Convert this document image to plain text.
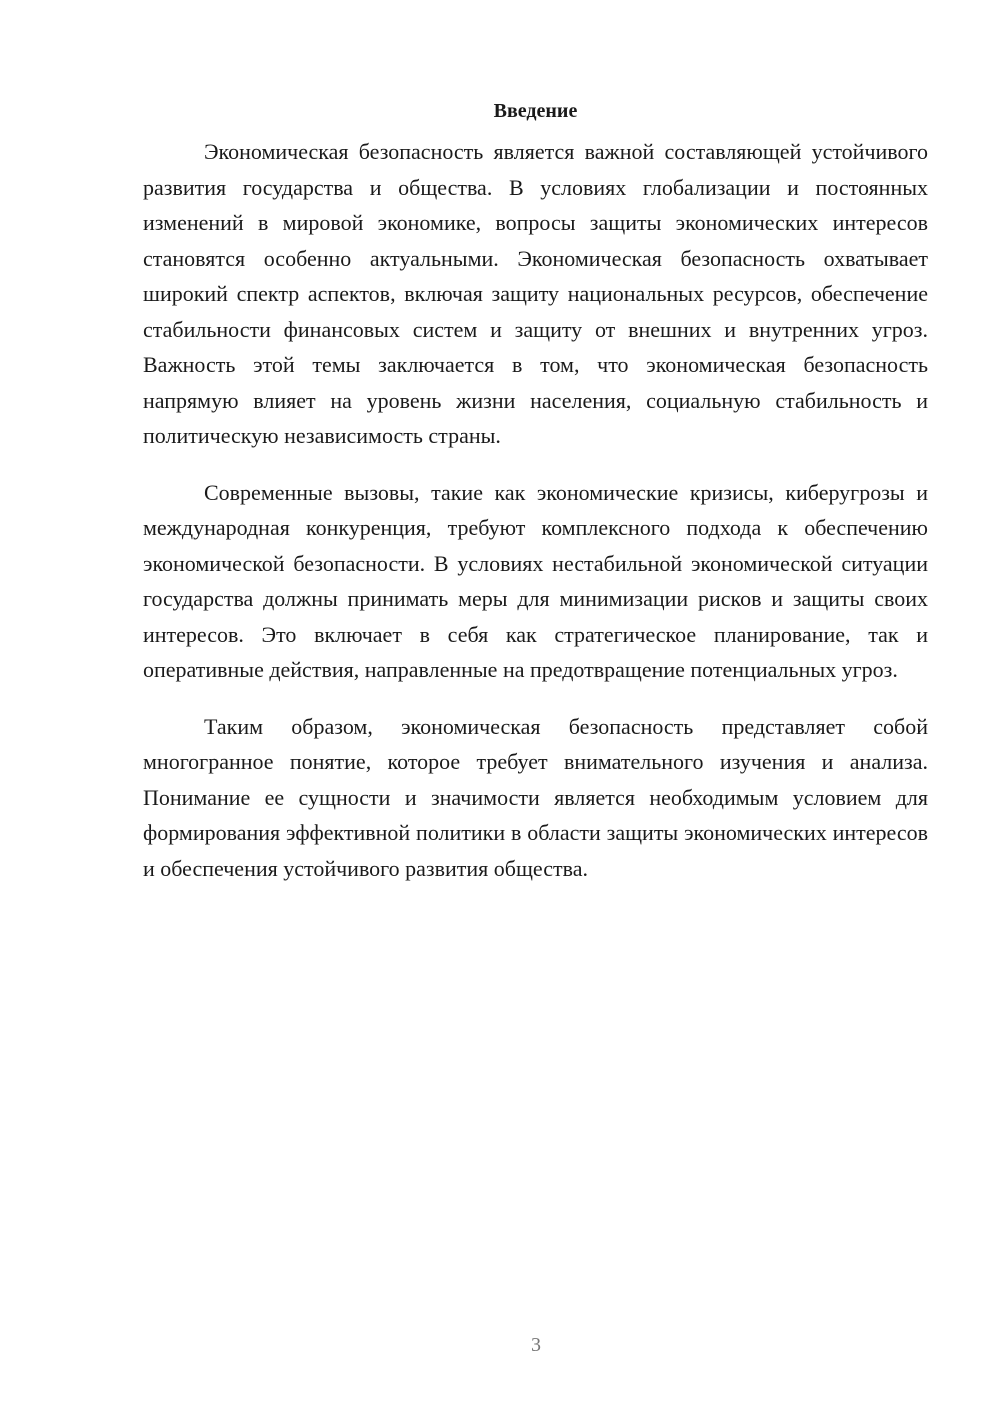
Введение

Экономическая безопасность является важной составляющей устойчивого развития государства и общества. В условиях глобализации и постоянных изменений в мировой экономике, вопросы защиты экономических интересов становятся особенно актуальными. Экономическая безопасность охватывает широкий спектр аспектов, включая защиту национальных ресурсов, обеспечение стабильности финансовых систем и защиту от внешних и внутренних угроз. Важность этой темы заключается в том, что экономическая безопасность напрямую влияет на уровень жизни населения, социальную стабильность и политическую независимость страны.

Современные вызовы, такие как экономические кризисы, киберугрозы и международная конкуренция, требуют комплексного подхода к обеспечению экономической безопасности. В условиях нестабильной экономической ситуации государства должны принимать меры для минимизации рисков и защиты своих интересов. Это включает в себя как стратегическое планирование, так и оперативные действия, направленные на предотвращение потенциальных угроз.

Таким образом, экономическая безопасность представляет собой многогранное понятие, которое требует внимательного изучения и анализа. Понимание ее сущности и значимости является необходимым условием для формирования эффективной политики в области защиты экономических интересов и обеспечения устойчивого развития общества.

3
